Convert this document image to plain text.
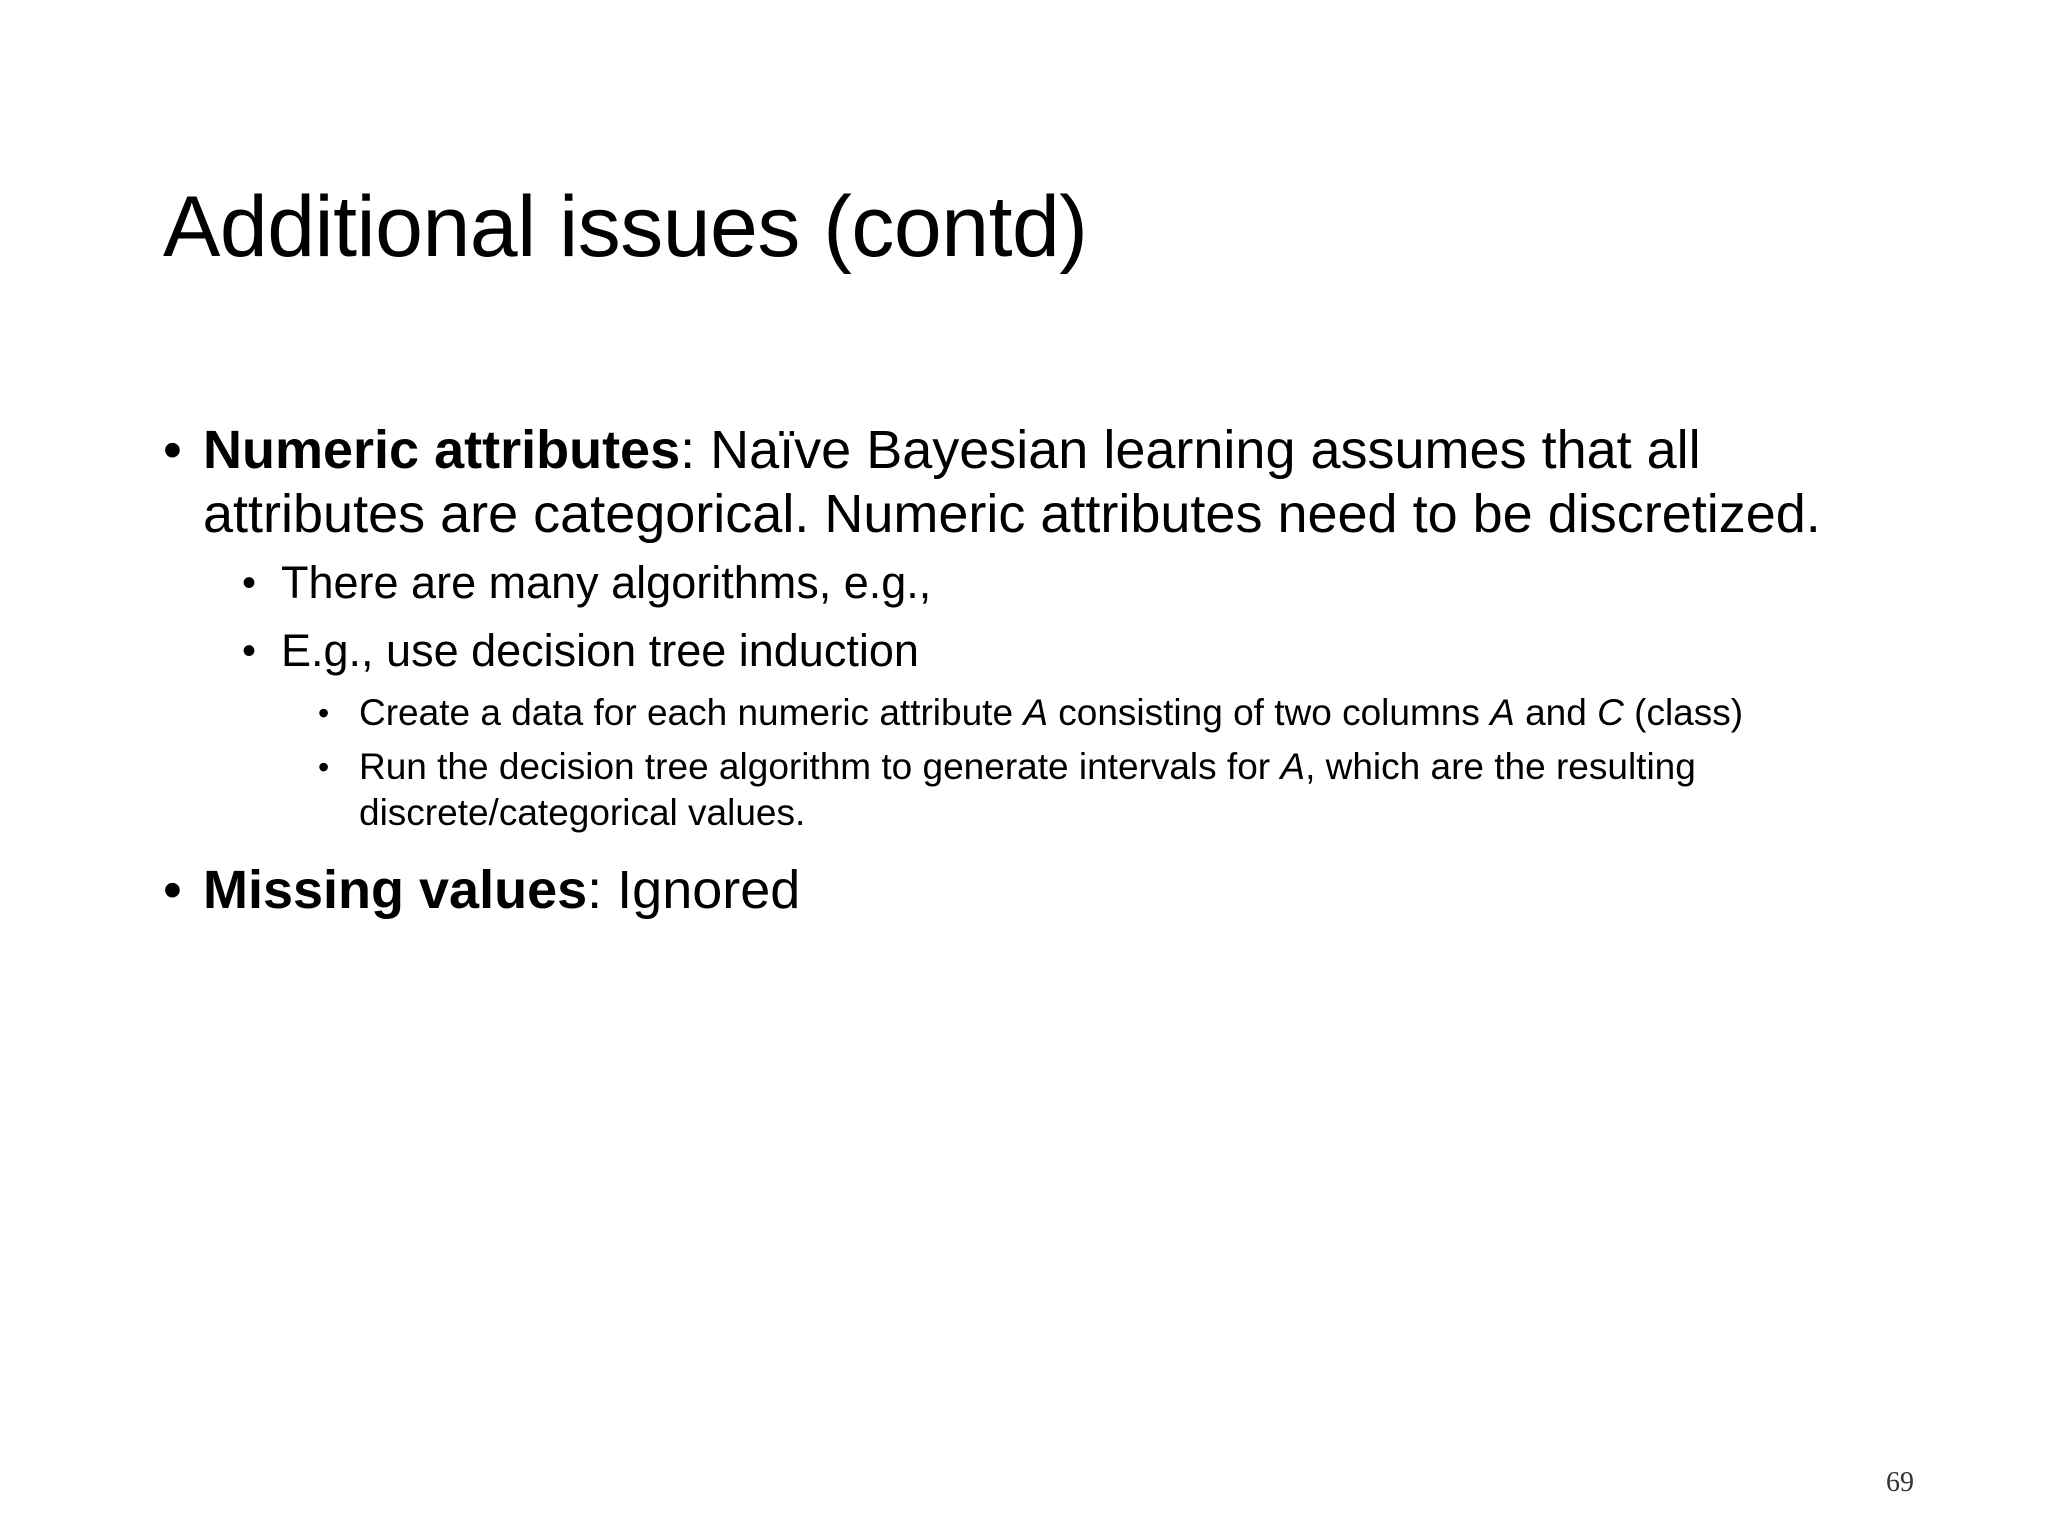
Additional issues (contd)
• Numeric attributes: Naïve Bayesian learning assumes that all attributes are categorical. Numeric attributes need to be discretized.
• There are many algorithms, e.g.,
• E.g., use decision tree induction
• Create a data for each numeric attribute A consisting of two columns A and C (class)
• Run the decision tree algorithm to generate intervals for A, which are the resulting discrete/categorical values.
• Missing values: Ignored
69
